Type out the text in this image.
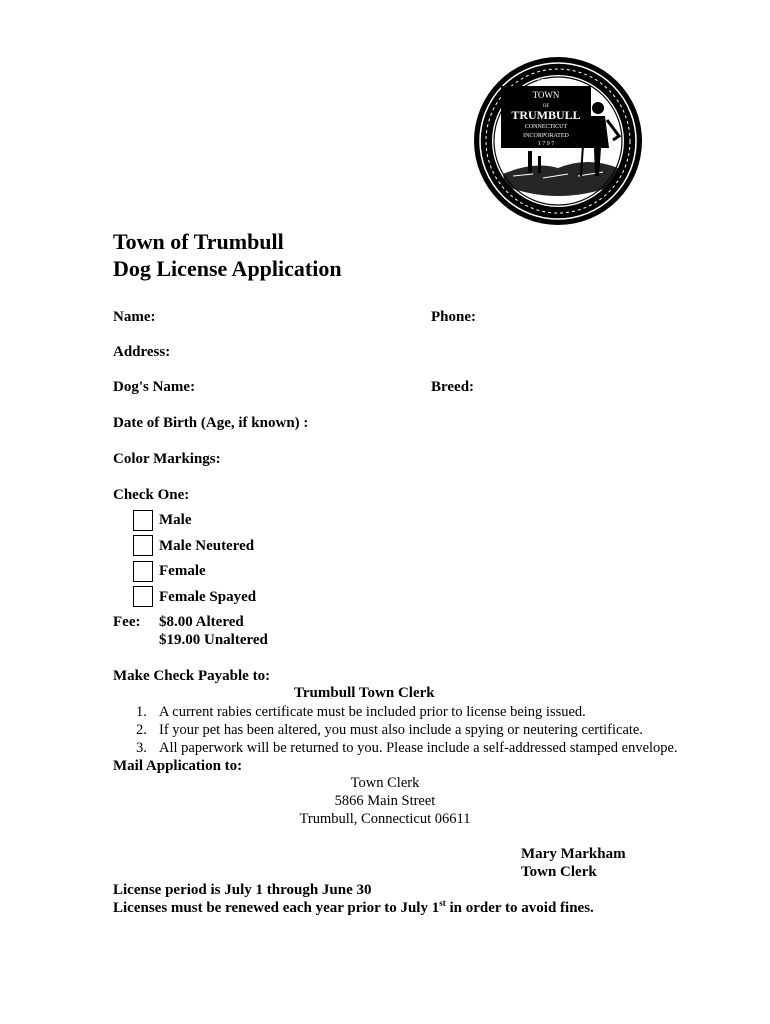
SEAL
TOWN
OF
TRUMBULL
CONNECTICUT
INCORPORATED
1 7 9 7
Town of Trumbull
Dog License Application
Name:	Phone:
Address:
Dog's Name:	Breed:
Date of Birth (Age, if known) :
Color Markings:
Check One:
Male
Male Neutered
Female
Female Spayed
Fee: $8.00 Altered
$19.00 Unaltered
Make Check Payable to:
Trumbull Town Clerk
1. A current rabies certificate must be included prior to license being issued.
2. If your pet has been altered, you must also include a spying or neutering certificate.
3. All paperwork will be returned to you. Please include a self-addressed stamped envelope.
Mail Application to:
Town Clerk
5866 Main Street
Trumbull, Connecticut 06611
Mary Markham
Town Clerk
License period is July 1 through June 30
Licenses must be renewed each year prior to July 1st in order to avoid fines.
